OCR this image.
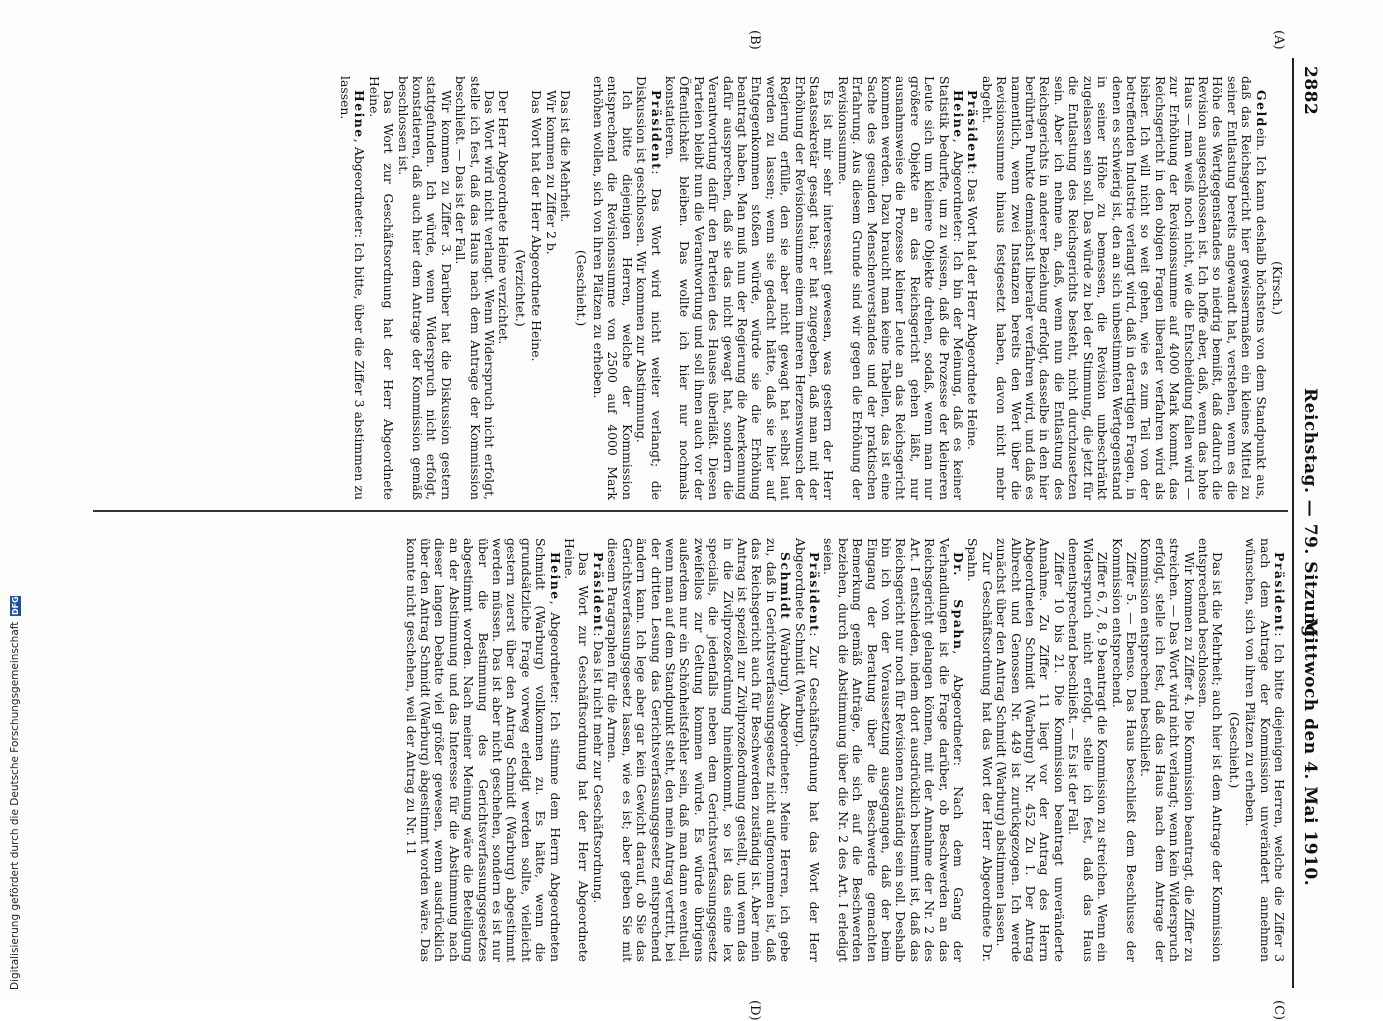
2882
Reichstag. — 79. Sitzung.
Mittwoch den 4. Mai 1910.
(A)
(B)
(C)
(D)

(Kirsch.)

Geldein. Ich kann deshalb höchstens von dem Standpunkt aus, daß das Reichsgericht hier gewissermaßen ein kleines Mittel zu seiner Entlastung bereits angewandt hat, verstehen, wenn es die Höhe des Wertgegenstandes so niedrig bemißt, daß dadurch die Revision ausgeschlossen ist. Ich hoffe aber, daß, wenn das hohe Haus — man weiß noch nicht, wie die Entscheidung fallen wird — zur Erhöhung der Revisionssumme auf 4000 Mark kommt, das Reichsgericht in den obigen Fragen liberaler verfahren wird als bisher. Ich will nicht so weit gehen, wie es zum Teil von der betreffenden Industrie verlangt wird, daß in derartigen Fragen, in denen es schwierig ist, den an sich unbestimmten Wertgegenstand in seiner Höhe zu bemessen, die Revision unbeschränkt zugelassen sein soll. Das würde zu bei der Stimmung, die jetzt für die Entlastung des Reichsgerichts besteht, nicht durchzusetzen sein. Aber ich nehme an, daß, wenn nun die Entlastung des Reichsgerichts in anderer Beziehung erfolgt, dasselbe in den hier berührten Punkte demnächst liberaler verfahren wird, und daß es namentlich, wenn zwei Instanzen bereits den Wert über die Revisionssumme hinaus festgesetzt haben, davon nicht mehr abgeht.

Präsident: Das Wort hat der Herr Abgeordnete Heine.

Heine, Abgeordneter: Ich bin der Meinung, daß es keiner Statistik bedurfte, um zu wissen, daß die Prozesse der kleineren Leute sich um kleinere Objekte drehen, sodaß, wenn man nur größere Objekte an das Reichsgericht gehen läßt, nur ausnahmsweise die Prozesse kleiner Leute an das Reichsgericht kommen werden. Dazu braucht man keine Tabellen, das ist eine Sache des gesunden Menschenverstandes und der praktischen Erfahrung. Aus diesem Grunde sind wir gegen die Erhöhung der Revisionssumme.

Es ist mir sehr interessant gewesen, was gestern der Herr Staatssekretär gesagt hat; er hat zugegeben, daß man mit der Erhöhung der Revisionssumme einem inneren Herzenswunsch der Regierung erfülle, den sie aber nicht gewagt hat selbst laut werden zu lassen; wenn sie gedacht hätte, daß sie hier auf Entgegenkommen stoßen würde, würde sie die Erhöhung beantragt haben. Man muß nun der Regierung die Anerkennung dafür aussprechen, daß sie das nicht gewagt hat, sondern die Verantwortung dafür den Parteien des Hauses überläßt. Diesen Parteien bleibt nun die Verantwortung und soll ihnen auch vor der Öffentlichkeit bleiben. Das wollte ich hier nur nochmals konstatieren.

Präsident: Das Wort wird nicht weiter verlangt; die Diskussion ist geschlossen. Wir kommen zur Abstimmung.

Ich bitte diejenigen Herren, welche der Kommission entsprechend die Revisionssumme von 2500 auf 4000 Mark erhöhen wollen, sich von ihren Plätzen zu erheben.

(Geschieht.)

Das ist die Mehrheit.

Wir kommen zu Ziffer 2 b.

Das Wort hat der Herr Abgeordnete Heine.

(Verzichtet.)

Der Herr Abgeordnete Heine verzichtet.

Das Wort wird nicht verlangt. Wenn Widerspruch nicht erfolgt, stelle ich fest, daß das Haus nach dem Antrage der Kommission beschließt. — Das ist der Fall.

Wir kommen zu Ziffer 3. Darüber hat die Diskussion gestern stattgefunden. Ich würde, wenn Widerspruch nicht erfolgt, konstatieren, daß auch hier dem Antrage der Kommission gemäß beschlossen ist.

Das Wort zur Geschäftsordnung hat der Herr Abgeordnete Heine.

Heine, Abgeordneter: Ich bitte, über die Ziffer 3 abstimmen zu lassen.

Präsident: Ich bitte diejenigen Herren, welche die Ziffer 3 nach dem Antrage der Kommission unverändert annehmen wünschen, sich von ihren Plätzen zu erheben.

(Geschieht.)

Das ist die Mehrheit; auch hier ist dem Antrage der Kommission entsprechend beschlossen.

Wir kommen zu Ziffer 4. Die Kommission beantragt, die Ziffer zu streichen. — Das Wort wird nicht verlangt; wenn kein Widerspruch erfolgt, stelle ich fest, daß das Haus nach dem Antrage der Kommission entsprechend beschließt.

Ziffer 5. — Ebenso. Das Haus beschließt dem Beschlusse der Kommission entsprechend.

Ziffer 6, 7, 8, 9 beantragt die Kommission zu streichen. Wenn ein Widerspruch nicht erfolgt, stelle ich fest, daß das Haus dementsprechend beschließt. — Es ist der Fall.

Ziffer 10 bis 21. Die Kommission beantragt unveränderte Annahme. Zu Ziffer 11 liegt vor der Antrag des Herrn Abgeordneten Schmidt (Warburg) Nr. 452 Zu 1. Der Antrag Albrecht und Genossen Nr. 449 ist zurückgezogen. Ich werde zunächst über den Antrag Schmidt (Warburg) abstimmen lassen.

Zur Geschäftsordnung hat das Wort der Herr Abgeordnete Dr. Spahn.

Dr. Spahn, Abgeordneter: Nach dem Gang der Verhandlungen ist die Frage darüber, ob Beschwerden an das Reichsgericht gelangen können, mit der Annahme der Nr. 2 des Art. I entschieden, indem dort ausdrücklich bestimmt ist, daß das Reichsgericht nur noch für Revisionen zuständig sein soll. Deshalb bin ich von der Voraussetzung ausgegangen, daß der beim Eingang der Beratung über die Beschwerde gemachten Bemerkung gemäß Anträge, die sich auf die Beschwerden beziehen, durch die Abstimmung über die Nr. 2 des Art. I erledigt seien.

Präsident: Zur Geschäftsordnung hat das Wort der Herr Abgeordnete Schmidt (Warburg).

Schmidt (Warburg), Abgeordneter: Meine Herren, ich gebe zu, daß in Gerichtsverfassungsgesetz nicht aufgenommen ist, daß das Reichsgericht auch für Beschwerden zuständig ist. Aber mein Antrag ist speziell zur Zivilprozeßordnung gestellt, und wenn das in die Zivilprozeßordnung hineinkommt, so ist das eine lex specialis, die jedenfalls neben dem Gerichtsverfassungsgesetz zweifellos zur Geltung kommen würde. Es würde übrigens außerdem nur ein Schönheitsfehler sein, daß man dann eventuell, wenn man auf dem Standpunkt steht, den mein Antrag vertritt, bei der dritten Lesung das Gerichtsverfassungsgesetz entsprechend ändern kann. Ich lege aber gar kein Gewicht darauf, ob Sie das Gerichtsverfassungsgesetz lassen, wie es ist; aber geben Sie mit diesem Paragraphen für die Armen.

Präsident: Das ist nicht mehr zur Geschäftsordnung.

Das Wort zur Geschäftsordnung hat der Herr Abgeordnete Heine.

Heine, Abgeordneter: Ich stimme dem Herrn Abgeordneten Schmidt (Warburg) vollkommen zu. Es hätte, wenn die grundsätzliche Frage vorweg erledigt werden sollte, vielleicht gestern zuerst über den Antrag Schmidt (Warburg) abgestimmt werden müssen. Das ist aber nicht geschehen, sondern es ist nur über die Bestimmung des Gerichtsverfassungsgesetzes abgestimmt worden. Nach meiner Meinung wäre die Beteiligung an der Abstimmung und das Interesse für die Abstimmung nach dieser langen Debatte viel größer gewesen, wenn ausdrücklich über den Antrag Schmidt (Warburg) abgestimmt worden wäre. Das konnte nicht geschehen, weil der Antrag zu Nr. 11

Digitalisierung gefördert durch die Deutsche Forschungsgemeinschaft
DFG
